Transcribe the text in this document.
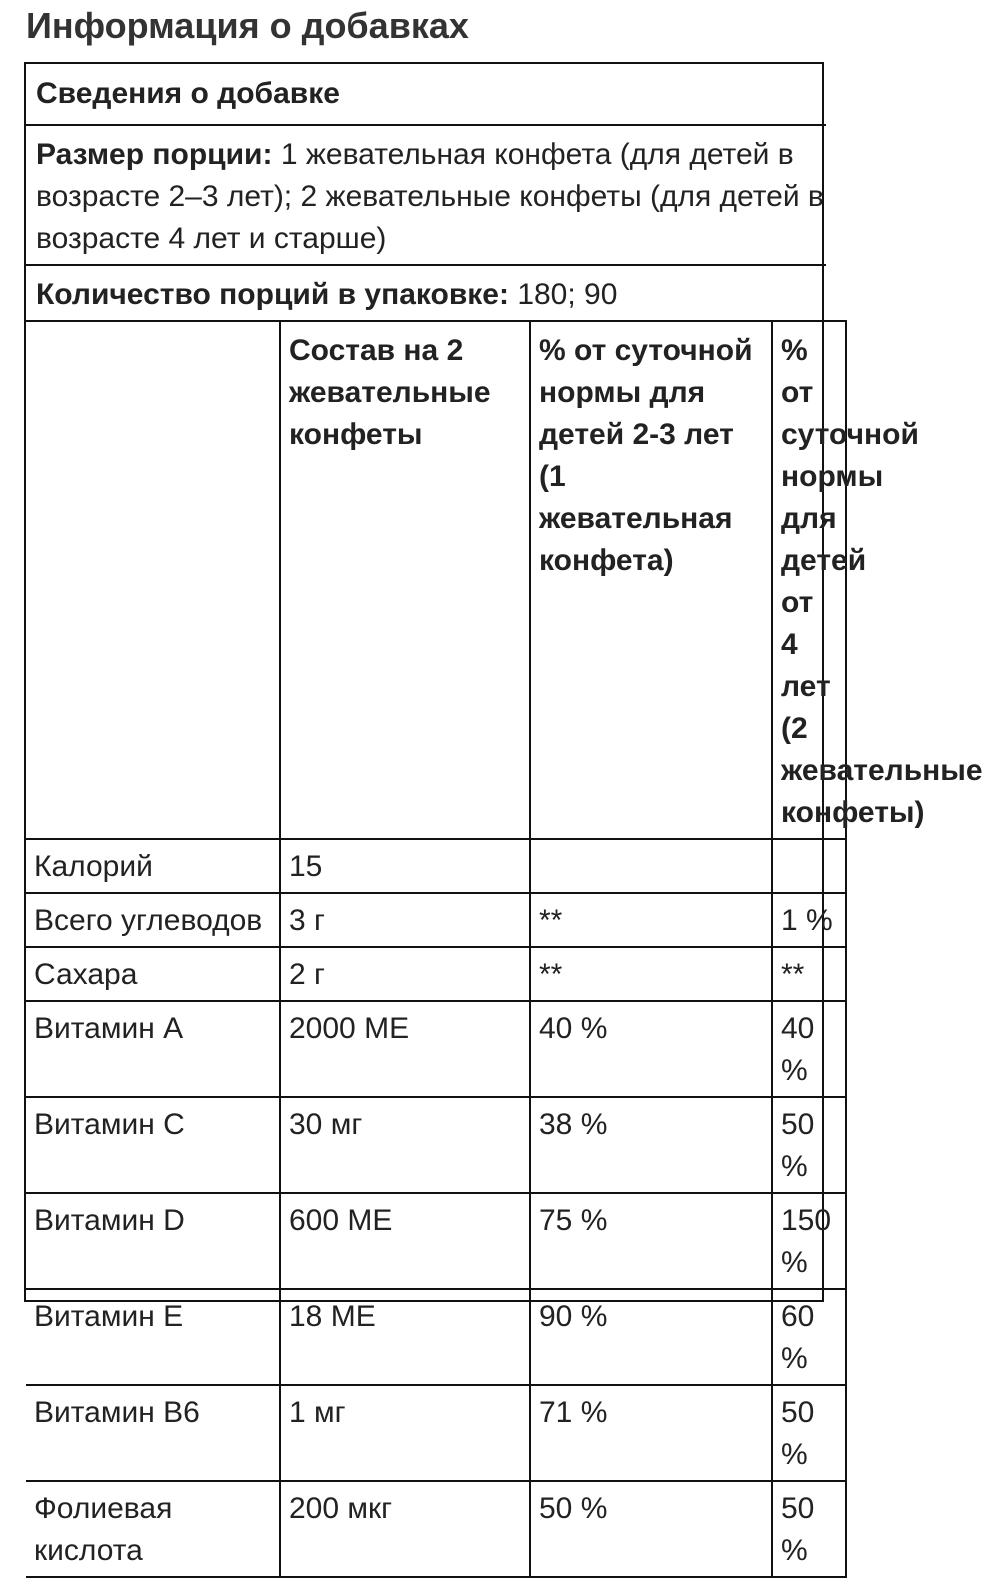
Информация о добавках
Сведения о добавке
Размер порции: 1 жевательная конфета (для детей в
возрасте 2–3 лет); 2 жевательные конфеты (для детей в
возрасте 4 лет и старше)
Количество порций в упаковке: 180; 90
	Состав на 2 жевательные конфеты	% от суточной нормы для детей 2-3 лет (1 жевательная конфета)	% от суточной нормы для детей от 4 лет (2 жевательные конфеты)
Калорий	15		
Всего углеводов	3 г	**	1 %
Сахара	2 г	**	**
Витамин A	2000 МЕ	40 %	40 %
Витамин C	30 мг	38 %	50 %
Витамин D	600 МЕ	75 %	150 %
Витамин E	18 МЕ	90 %	60 %
Витамин B6	1 мг	71 %	50 %
Фолиевая кислота	200 мкг	50 %	50 %
